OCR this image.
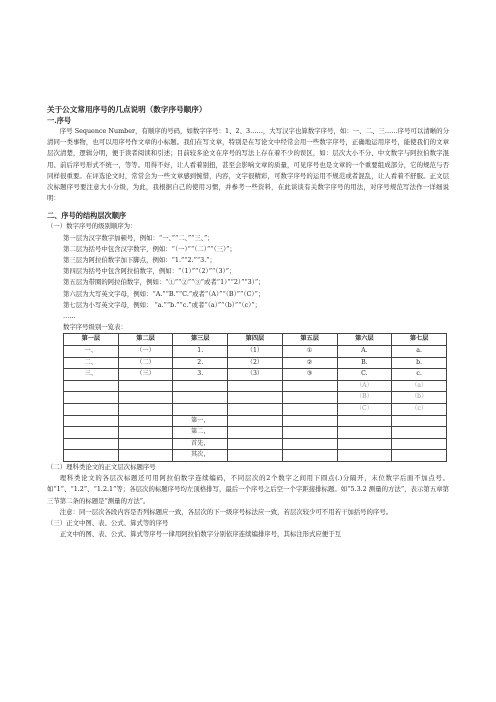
关于公文常用序号的几点说明（数字序号顺序）
一.序号

序号 Sequence Number，有顺序的号码，如数字序号：1、2、3……，大写汉字也算数字序号，如：一、二、三……序号可以清晰的分清同一类事物，也可以用序号作文章的小标题。我们在写文章，特别是在写论文中经常会用一些数字序号，正确地运用序号，能使我们的文章层次清楚，逻辑分明，便于读者阅读和引述；目前较多论文在序号的写法上存在着不少的误区，如：层次大小不分、中文数字与阿拉伯数字混用、前后序号形式不统一，等等。用得不好，让人看着别扭，甚至会影响文章的质量，可见序号也是文章的一个重要组成部分，它的规范与否同样很重要。在评选论文时，常常会为一些文章感到惋惜，内容，文字很精彩，可数字序号的运用不规范或者混乱，让人看着不舒服。正文层次标题序号要注意大小分级，为此，我根据自己的使用习惯，并参考一些资料，在此谈谈有关数字序号的用法，对序号规范写法作一详细说明：

二、序号的结构层次顺序

（一）数字序号的级别顺序为：

第一层为汉字数字加顿号，例如：“一、”“二、”“三、”；

第二层为括号中包含汉字数字，例如：“（一）”“（二）”“（三）”；

第三层为阿拉伯数字加下脚点，例如：“1.”“2.”“3.”；

第四层为括号中包含阿拉伯数字，例如：“（1）”“（2）”“（3）”；

第五层为带圈的阿拉伯数字，例如：“①”“②”“③”或者“1）”“2）”“3）”；

第六层为大写英文字母，例如：“A.”“B.”“C.”或者“（A）”“（B）”“（C）”；

第七层为小写英文字母，例如： “a.”“b.”“c.”或者“（a）”“（b）”“（c）”；

……

数字序号级别一览表：

第一层	第二层	第三层	第四层	第五层	第六层	第七层
一、	（一）	1.	（1）	①	A.	a.
二、	（二）	2.	（2）	②	B.	b.
三、	（三）	3.	（3）	③	C.	c.
					（A）	（a）
					（B）	（b）
					（C）	（c）
		第一，				
		第二，				
		首先，				
		其次，				

（二）理科类论文的正文层次标题序号

理科类论文的各层次标题还可用阿拉伯数字连续编码，不同层次的2个数字之间用下圆点(.)分隔开，末位数字后面不加点号。如“1”、“1.2”、“1.2.1”等；各层次的标题序号均左顶格排写，最后一个序号之后空一个字距接排标题。如“5.3.2 测量的方法”，表示第五章第三节第二条的标题是“测量的方法”。

注意：同一层次各段内容是否列标题应一致，各层次的下一级序号标法应一致，若层次较少可不用若干加括号的序号。

（三）正文中图、表、公式、算式等的序号

正文中的图、表、公式、算式等序号一律用阿拉伯数字分别依序连续编排序号，其标注形式应便于互
